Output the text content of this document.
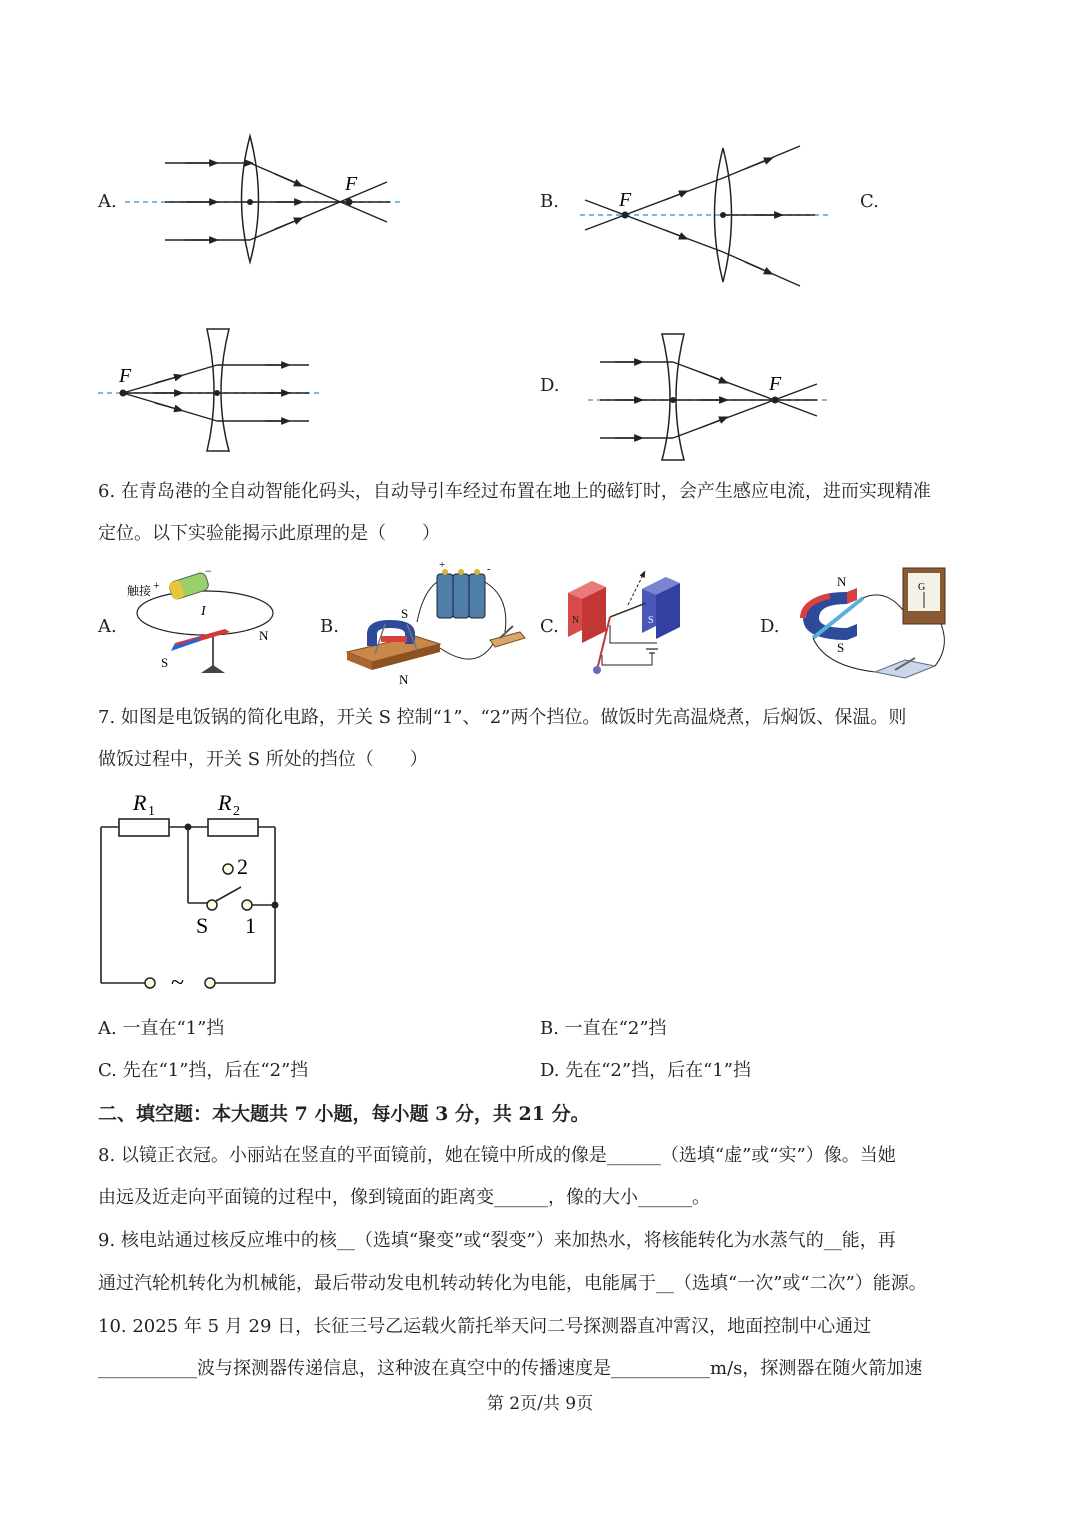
A.
F
B.	F	C.
F	D.	F
6. 在青岛港的全自动智能化码头，自动导引车经过布置在地上的磁钉时，会产生感应电流，进而实现精准
定位。以下实验能揭示此原理的是（　　）
A.
触接 +
−
I
S
N	B.
S
N
+	-
C. N	S	D.
N
S
G
7. 如图是电饭锅的简化电路，开关 S 控制“1”、“2”两个挡位。做饭时先高温烧煮，后焖饭、保温。则
做饭过程中，开关 S 所处的挡位（　　）
R 1	R 2
2
S 1
~
A. 一直在“1”挡	B. 一直在“2”挡
C. 先在“1”挡，后在“2”挡	D. 先在“2”挡，后在“1”挡
二、填空题：本大题共 7 小题，每小题 3 分，共 21 分。
8. 以镜正衣冠。小丽站在竖直的平面镜前，她在镜中所成的像是______（选填“虚”或“实”）像。当她
由远及近走向平面镜的过程中，像到镜面的距离变______，像的大小______。
9. 核电站通过核反应堆中的核__（选填“聚变”或“裂变”）来加热水，将核能转化为水蒸气的__能，再
通过汽轮机转化为机械能，最后带动发电机转动转化为电能，电能属于__（选填“一次”或“二次”）能源。
10. 2025 年 5 月 29 日，长征三号乙运载火箭托举天问二号探测器直冲霄汉，地面控制中心通过
___________波与探测器传递信息，这种波在真空中的传播速度是___________m/s，探测器在随火箭加速
第 2页/共 9页
